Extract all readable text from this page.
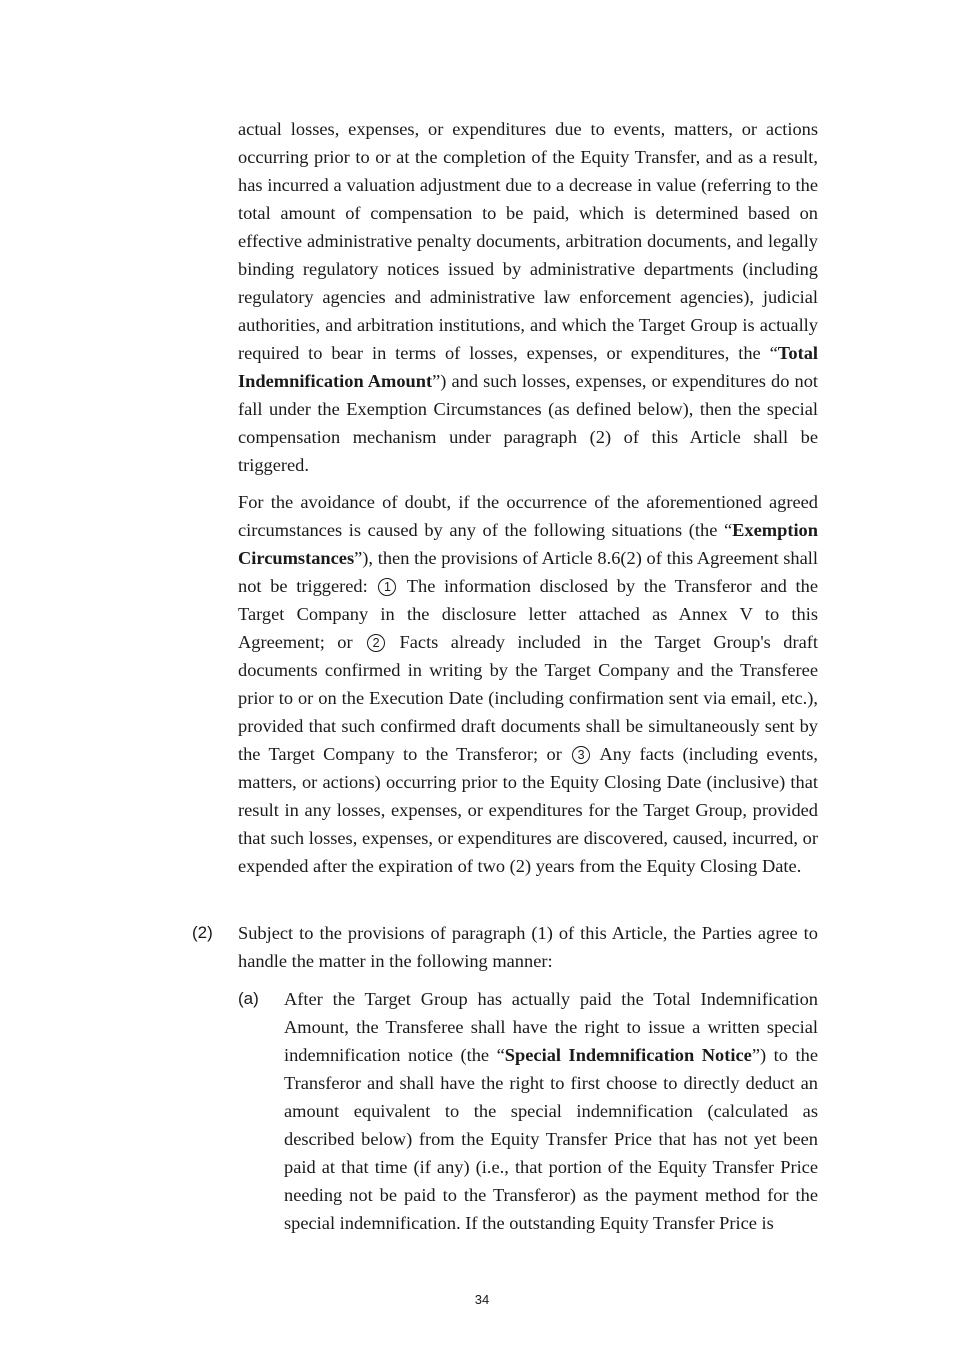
actual losses, expenses, or expenditures due to events, matters, or actions occurring prior to or at the completion of the Equity Transfer, and as a result, has incurred a valuation adjustment due to a decrease in value (referring to the total amount of compensation to be paid, which is determined based on effective administrative penalty documents, arbitration documents, and legally binding regulatory notices issued by administrative departments (including regulatory agencies and administrative law enforcement agencies), judicial authorities, and arbitration institutions, and which the Target Group is actually required to bear in terms of losses, expenses, or expenditures, the “Total Indemnification Amount”) and such losses, expenses, or expenditures do not fall under the Exemption Circumstances (as defined below), then the special compensation mechanism under paragraph (2) of this Article shall be triggered.

For the avoidance of doubt, if the occurrence of the aforementioned agreed circumstances is caused by any of the following situations (the “Exemption Circumstances”), then the provisions of Article 8.6(2) of this Agreement shall not be triggered: 1 The information disclosed by the Transferor and the Target Company in the disclosure letter attached as Annex V to this Agreement; or 2 Facts already included in the Target Group's draft documents confirmed in writing by the Target Company and the Transferee prior to or on the Execution Date (including confirmation sent via email, etc.), provided that such confirmed draft documents shall be simultaneously sent by the Target Company to the Transferor; or 3 Any facts (including events, matters, or actions) occurring prior to the Equity Closing Date (inclusive) that result in any losses, expenses, or expenditures for the Target Group, provided that such losses, expenses, or expenditures are discovered, caused, incurred, or expended after the expiration of two (2) years from the Equity Closing Date.

(2) Subject to the provisions of paragraph (1) of this Article, the Parties agree to handle the matter in the following manner:

(a) After the Target Group has actually paid the Total Indemnification Amount, the Transferee shall have the right to issue a written special indemnification notice (the “Special Indemnification Notice”) to the Transferor and shall have the right to first choose to directly deduct an amount equivalent to the special indemnification (calculated as described below) from the Equity Transfer Price that has not yet been paid at that time (if any) (i.e., that portion of the Equity Transfer Price needing not be paid to the Transferor) as the payment method for the special indemnification. If the outstanding Equity Transfer Price is

34
